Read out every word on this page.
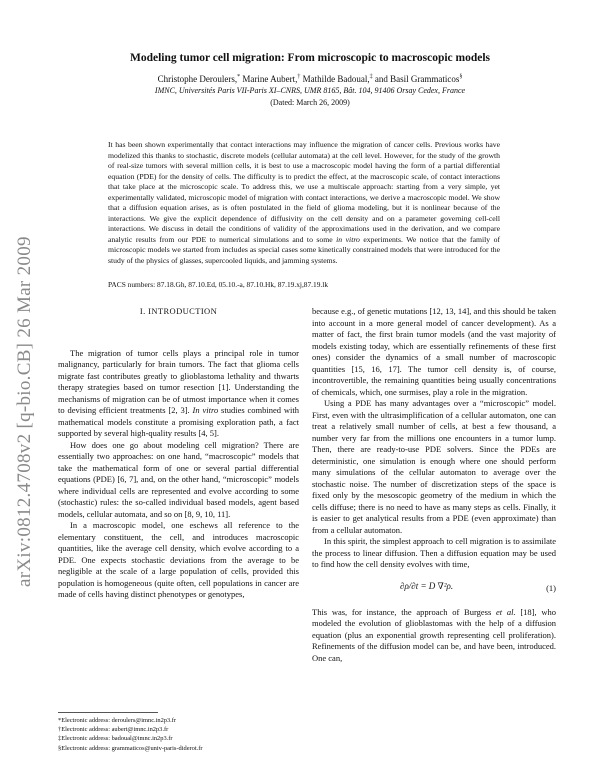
arXiv:0812.4708v2 [q-bio.CB] 26 Mar 2009
Modeling tumor cell migration: From microscopic to macroscopic models
Christophe Deroulers,* Marine Aubert,† Mathilde Badoual,‡ and Basil Grammaticos§
IMNC, Universités Paris VII-Paris XI–CNRS, UMR 8165, Bât. 104, 91406 Orsay Cedex, France
(Dated: March 26, 2009)
It has been shown experimentally that contact interactions may influence the migration of cancer cells. Previous works have modelized this thanks to stochastic, discrete models (cellular automata) at the cell level. However, for the study of the growth of real-size tumors with several million cells, it is best to use a macroscopic model having the form of a partial differential equation (PDE) for the density of cells. The difficulty is to predict the effect, at the macroscopic scale, of contact interactions that take place at the microscopic scale. To address this, we use a multiscale approach: starting from a very simple, yet experimentally validated, microscopic model of migration with contact interactions, we derive a macroscopic model. We show that a diffusion equation arises, as is often postulated in the field of glioma modeling, but it is nonlinear because of the interactions. We give the explicit dependence of diffusivity on the cell density and on a parameter governing cell-cell interactions. We discuss in detail the conditions of validity of the approximations used in the derivation, and we compare analytic results from our PDE to numerical simulations and to some in vitro experiments. We notice that the family of microscopic models we started from includes as special cases some kinetically constrained models that were introduced for the study of the physics of glasses, supercooled liquids, and jamming systems.
PACS numbers: 87.18.Gh, 87.10.Ed, 05.10.-a, 87.10.Hk, 87.19.xj,87.19.lk
I. INTRODUCTION

The migration of tumor cells plays a principal role in tumor malignancy, particularly for brain tumors. The fact that glioma cells migrate fast contributes greatly to glioblastoma lethality and thwarts therapy strategies based on tumor resection [1]. Understanding the mechanisms of migration can be of utmost importance when it comes to devising efficient treatments [2, 3]. In vitro studies combined with mathematical models constitute a promising exploration path, a fact supported by several high-quality results [4, 5].

How does one go about modeling cell migration? There are essentially two approaches: on one hand, “macroscopic” models that take the mathematical form of one or several partial differential equations (PDE) [6, 7], and, on the other hand, “microscopic” models where individual cells are represented and evolve according to some (stochastic) rules: the so-called individual based models, agent based models, cellular automata, and so on [8, 9, 10, 11].

In a macroscopic model, one eschews all reference to the elementary constituent, the cell, and introduces macroscopic quantities, like the average cell density, which evolve according to a PDE. One expects stochastic deviations from the average to be negligible at the scale of a large population of cells, provided this population is homogeneous (quite often, cell populations in cancer are made of cells having distinct phenotypes or genotypes,

because e.g., of genetic mutations [12, 13, 14], and this should be taken into account in a more general model of cancer development). As a matter of fact, the first brain tumor models (and the vast majority of models existing today, which are essentially refinements of these first ones) consider the dynamics of a small number of macroscopic quantities [15, 16, 17]. The tumor cell density is, of course, incontrovertible, the remaining quantities being usually concentrations of chemicals, which, one surmises, play a role in the migration.

Using a PDE has many advantages over a “microscopic” model. First, even with the ultrasimplification of a cellular automaton, one can treat a relatively small number of cells, at best a few thousand, a number very far from the millions one encounters in a tumor lump. Then, there are ready-to-use PDE solvers. Since the PDEs are deterministic, one simulation is enough where one should perform many simulations of the cellular automaton to average over the stochastic noise. The number of discretization steps of the space is fixed only by the mesoscopic geometry of the medium in which the cells diffuse; there is no need to have as many steps as cells. Finally, it is easier to get analytical results from a PDE (even approximate) than from a cellular automaton.

In this spirit, the simplest approach to cell migration is to assimilate the process to linear diffusion. Then a diffusion equation may be used to find how the cell density evolves with time,

∂ρ/∂t = D ∇²ρ.	(1)

This was, for instance, the approach of Burgess et al. [18], who modeled the evolution of glioblastomas with the help of a diffusion equation (plus an exponential growth representing cell proliferation). Refinements of the diffusion model can be, and have been, introduced. One can,

*Electronic address: deroulers@imnc.in2p3.fr
†Electronic address: aubert@imnc.in2p3.fr
‡Electronic address: badoual@imnc.in2p3.fr
§Electronic address: grammaticos@univ-paris-diderot.fr
